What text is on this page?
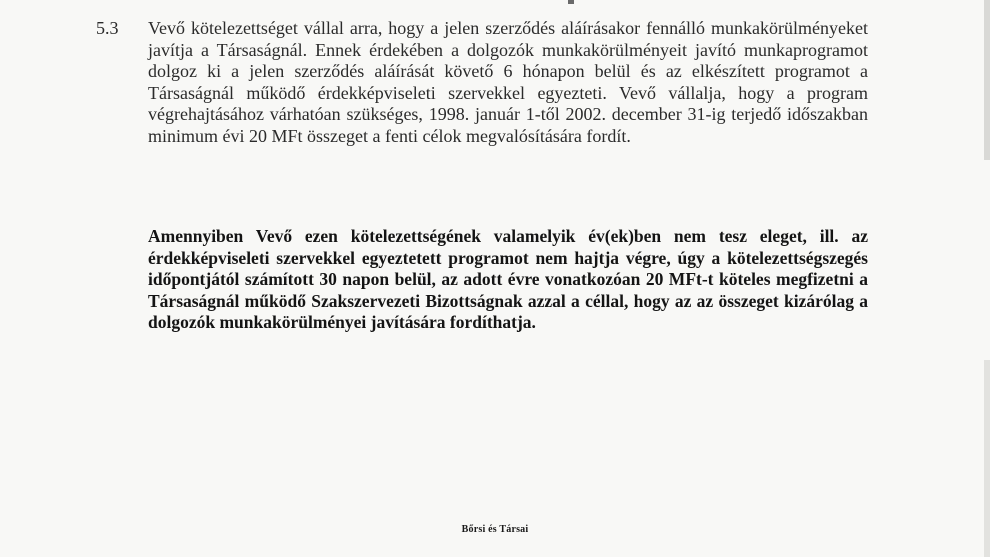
5.3 Vevő kötelezettséget vállal arra, hogy a jelen szerződés aláírásakor fennálló munkakörülményeket javítja a Társaságnál. Ennek érdekében a dolgozók munkakörülményeit javító munkaprogramot dolgoz ki a jelen szerződés aláírását követő 6 hónapon belül és az elkészített programot a Társaságnál működő érdekképviseleti szervekkel egyezteti. Vevő vállalja, hogy a program végrehajtásához várhatóan szükséges, 1998. január 1-től 2002. december 31-ig terjedő időszakban minimum évi 20 MFt összeget a fenti célok megvalósítására fordít.

Amennyiben Vevő ezen kötelezettségének valamelyik év(ek)ben nem tesz eleget, ill. az érdekképviseleti szervekkel egyeztetett programot nem hajtja végre, úgy a kötelezettségszegés időpontjától számított 30 napon belül, az adott évre vonatkozóan 20 MFt-t köteles megfizetni a Társaságnál működő Szakszervezeti Bizottságnak azzal a céllal, hogy az az összeget kizárólag a dolgozók munkakörülményei javítására fordíthatja.

Bőrsi és Társai
